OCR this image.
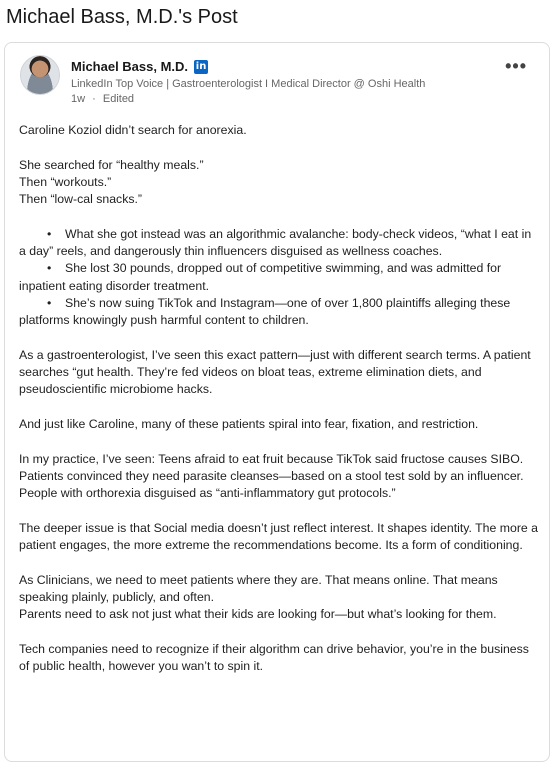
Michael Bass, M.D.'s Post
Michael Bass, M.D. in
LinkedIn Top Voice | Gastroenterologist I Medical Director @ Oshi Health
1w · Edited
•••

Caroline Koziol didn’t search for anorexia.

She searched for “healthy meals.”
Then “workouts.”
Then “low-cal snacks.”

• What she got instead was an algorithmic avalanche: body-check videos, “what I eat in a day” reels, and dangerously thin influencers disguised as wellness coaches.
• She lost 30 pounds, dropped out of competitive swimming, and was admitted for inpatient eating disorder treatment.
• She’s now suing TikTok and Instagram—one of over 1,800 plaintiffs alleging these platforms knowingly push harmful content to children.

As a gastroenterologist, I’ve seen this exact pattern—just with different search terms. A patient searches “gut health. They’re fed videos on bloat teas, extreme elimination diets, and pseudoscientific microbiome hacks.

And just like Caroline, many of these patients spiral into fear, fixation, and restriction.

In my practice, I’ve seen: Teens afraid to eat fruit because TikTok said fructose causes SIBO. Patients convinced they need parasite cleanses—based on a stool test sold by an influencer. People with orthorexia disguised as “anti-inflammatory gut protocols.”

The deeper issue is that Social media doesn’t just reflect interest. It shapes identity. The more a patient engages, the more extreme the recommendations become. Its a form of conditioning.

As Clinicians, we need to meet patients where they are. That means online. That means speaking plainly, publicly, and often.

Parents need to ask not just what their kids are looking for—but what’s looking for them.

Tech companies need to recognize if their algorithm can drive behavior, you’re in the business of public health, however you wan’t to spin it.
